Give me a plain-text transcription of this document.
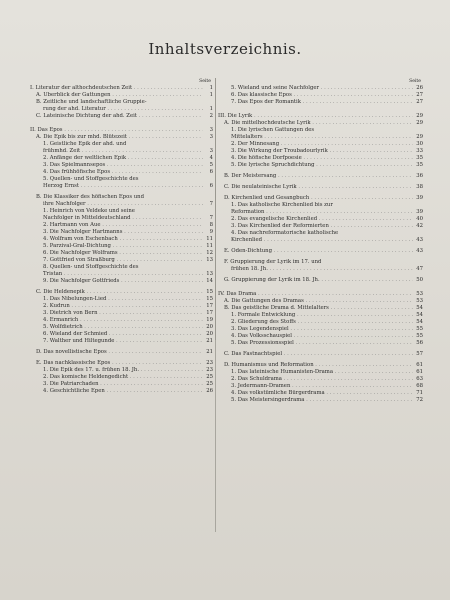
Inhaltsverzeichnis.
Seite
I. Literatur der althochdeutschen Zeit . . .	1
A. Überblick der Gattungen . . .	1
B. Zeitliche und landschaftliche Gruppie-
rung der ahd. Literatur . . .	1
C. Lateinische Dichtung der ahd. Zeit . . .	2
II. Das Epos . . .	3
A. Die Epik bis zur mhd. Blütezeit . . .	3
1. Geistliche Epik der ahd. und
frühmhd. Zeit . . .	3
2. Anfänge der weltlichen Epik . . .	4
3. Das Spielmannsepos . . .	5
4. Das frühhöfische Epos . . .	6
5. Quellen- und Stoffgeschichte des
Herzog Ernst . . .	6
B. Die Klassiker des höfischen Epos und
ihre Nachfolger . . .	7
1. Heinrich von Veldeke und seine
Nachfolger in Mitteldeutschland . . .	7
2. Hartmann von Aue . . .	8
3. Die Nachfolger Hartmanns . . .	9
4. Wolfram von Eschenbach . . .	11
5. Parzival-Gral-Dichtung . . .	11
6. Die Nachfolger Wolframs . . .	12
7. Gottfried von Straßburg . . .	13
8. Quellen- und Stoffgeschichte des
Tristan . . .	13
9. Die Nachfolger Gottfrieds . . .	14
C. Die Heldenepik . . .	15
1. Das Nibelungen-Lied . . .	15
2. Kudrun . . .	17
3. Dietrich von Bern . . .	17
4. Ermanrich . . .	19
5. Wolfdietrich . . .	20
6. Wieland der Schmied . . .	20
7. Walther und Hiltegunde . . .	21
D. Das novellistische Epos . . .	21
E. Das nachklassische Epos . . .	23
1. Die Epik des 17. u. frühen 18. Jh. . . .	23
2. Das komische Heldengedicht . . .	25
3. Die Patriarchaden . . .	25
4. Geschichtliche Epen . . .	26
Seite
5. Wieland und seine Nachfolger . . .	26
6. Das klassische Epos . . .	27
7. Das Epos der Romantik . . .	27
III. Die Lyrik . . .	29
A. Die mittelhochdeutsche Lyrik . . .	29
1. Die lyrischen Gattungen des
Mittelalters . . .	29
2. Der Minnesang . . .	30
3. Die Wirkung der Troubadourlyrik . . .	33
4. Die höfische Dorfpoesie . . .	35
5. Die lyrische Spruchdichtung . . .	35
B. Der Meistersang . . .	36
C. Die neulateinische Lyrik . . .	38
D. Kirchenlied und Gesangbuch . . .	39
1. Das katholische Kirchenlied bis zur
Reformation . . .	39
2. Das evangelische Kirchenlied . . .	40
3. Das Kirchenlied der Reformierten . . .	42
4. Das nachreformatorische katholische
Kirchenlied . . .	43
E. Oden-Dichtung . . .	43
F. Gruppierung der Lyrik im 17. und
frühen 18. Jh. . . .	47
G. Gruppierung der Lyrik im 18. Jh. . . .	50
IV. Das Drama . . .	53
A. Die Gattungen des Dramas . . .	53
B. Das geistliche Drama d. Mittelalters . . .	54
1. Formale Entwicklung . . .	54
2. Gliederung des Stoffs . . .	54
3. Das Legendenspiel . . .	55
4. Das Volksschauspiel . . .	55
5. Das Prozessionsspiel . . .	56
C. Das Fastnachtspiel . . .	57
D. Humanismus und Reformation . . .	61
1. Das lateinische Humanisten-Drama . . .	61
2. Das Schuldrama . . .	63
3. Jedermann-Dramen . . .	68
4. Das volkstümliche Bürgerdrama . . .	71
5. Das Meistersingerdrama . . .	72
